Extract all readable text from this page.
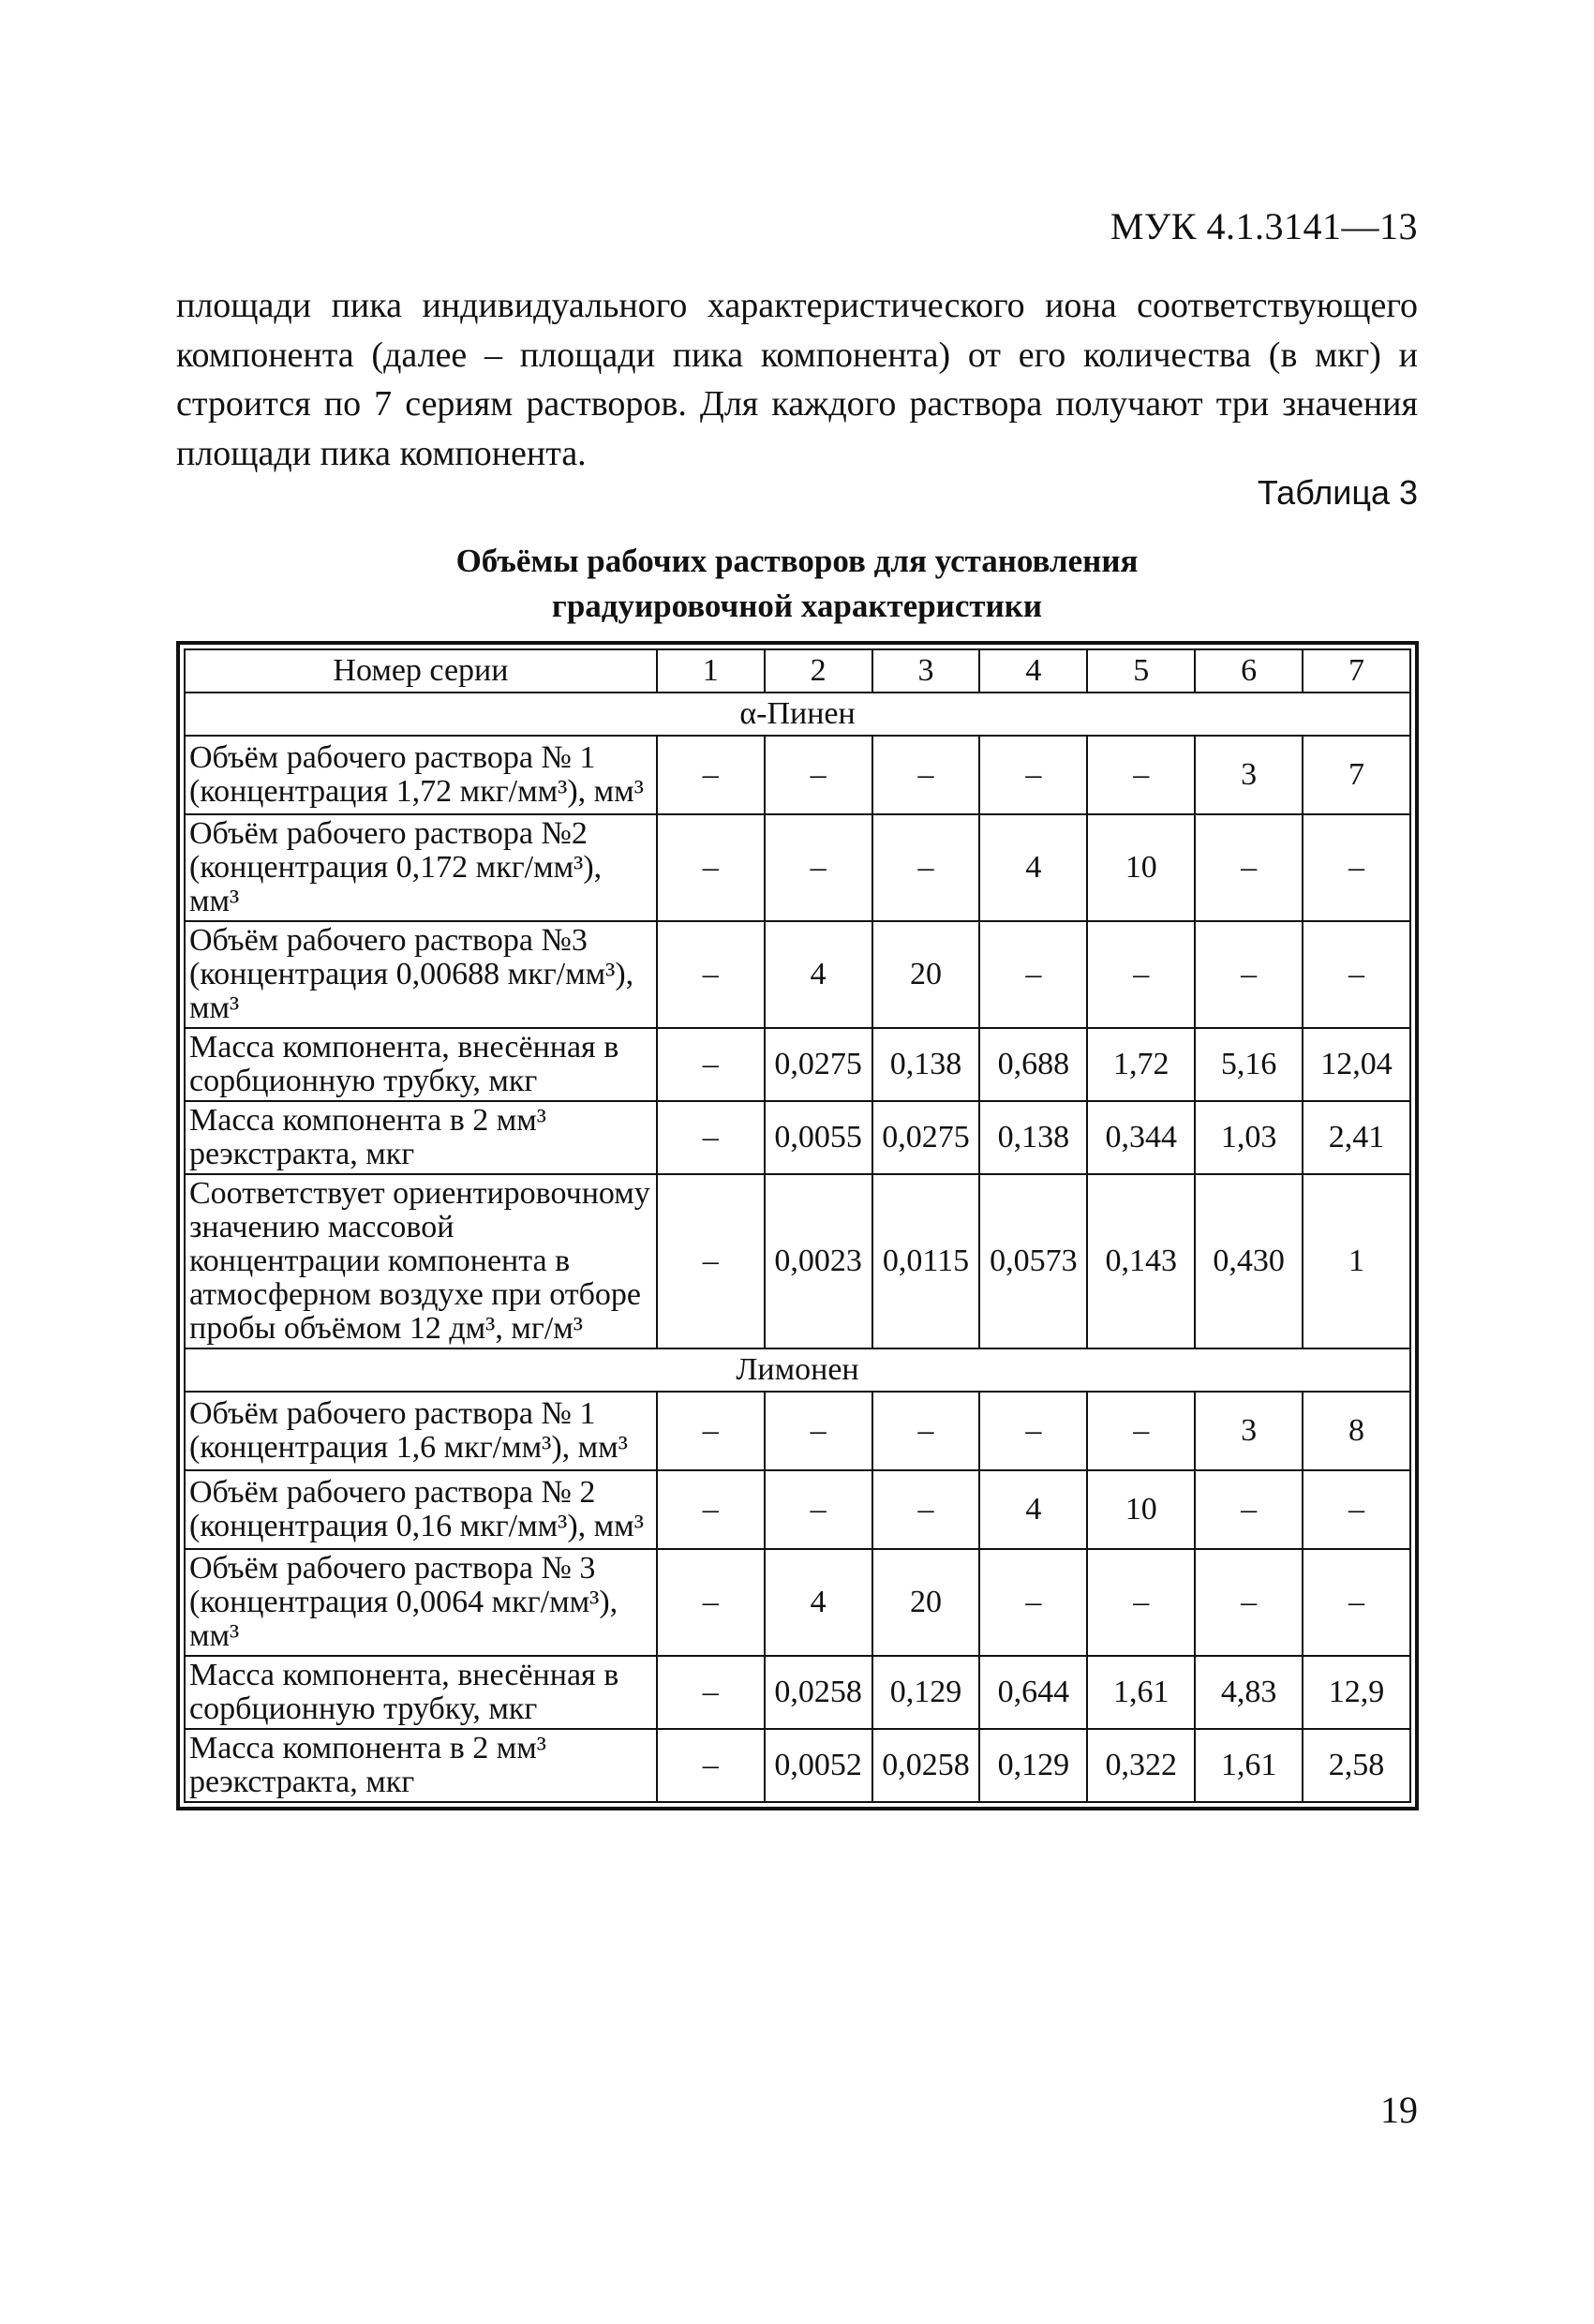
МУК 4.1.3141—13

площади пика индивидуального характеристического иона соответствующего компонента (далее – площади пика компонента) от его количества (в мкг) и строится по 7 сериям растворов. Для каждого раствора получают три значения площади пика компонента.

Таблица 3
Объёмы рабочих растворов для установления
градуировочной характеристики
Номер серии	1	2	3	4	5	6	7
α-Пинен							
Объём рабочего раствора № 1 (концентрация 1,72 мкг/мм³), мм³	–	–	–	–	–	3	7
Объём рабочего раствора №2 (концентрация 0,172 мкг/мм³), мм³	–	–	–	4	10	–	–
Объём рабочего раствора №3 (концентрация 0,00688 мкг/мм³), мм³	–	4	20	–	–	–	–
Масса компонента, внесённая в сорбционную трубку, мкг	–	0,0275	0,138	0,688	1,72	5,16	12,04
Масса компонента в 2 мм³ реэкстракта, мкг	–	0,0055	0,0275	0,138	0,344	1,03	2,41
Соответствует ориентировочному значению массовой концентрации компонента в атмосферном воздухе при отборе пробы объёмом 12 дм³, мг/м³	–	0,0023	0,0115	0,0573	0,143	0,430	1
Лимонен							
Объём рабочего раствора № 1 (концентрация 1,6 мкг/мм³), мм³	–	–	–	–	–	3	8
Объём рабочего раствора № 2 (концентрация 0,16 мкг/мм³), мм³	–	–	–	4	10	–	–
Объём рабочего раствора № 3 (концентрация 0,0064 мкг/мм³), мм³	–	4	20	–	–	–	–
Масса компонента, внесённая в сорбционную трубку, мкг	–	0,0258	0,129	0,644	1,61	4,83	12,9
Масса компонента в 2 мм³ реэкстракта, мкг	–	0,0052	0,0258	0,129	0,322	1,61	2,58
19
